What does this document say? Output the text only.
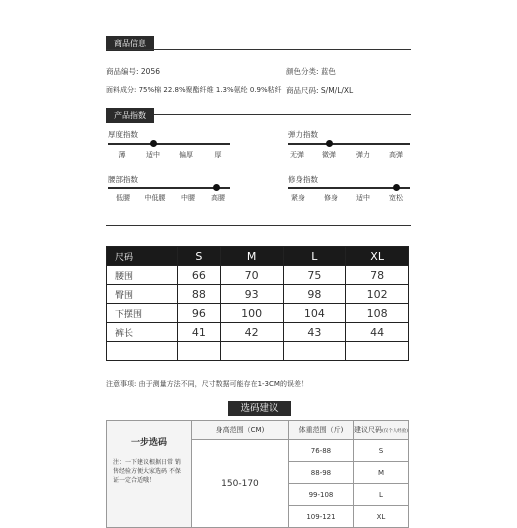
商品信息
商品编号: 2056	颜色分类: 蓝色
面料成分: 75%棉 22.8%聚酯纤维 1.3%氨纶 0.9%粘纤 商品尺码: S/M/L/XL
产品指数
厚度指数
薄	适中	偏厚	厚
弹力指数
无弹	微弹	弹力	高弹
腰部指数
低腰 中低腰 中腰 高腰
修身指数
紧身	修身	适中	宽松
尺码	S	M	L	XL
腰围	66	70	75	78
臀围	88	93	98	102
下摆围	96	100	104	108
裤长	41	42	43	44

注意事项: 由于测量方法不同，尺寸数据可能存在1-3CM的误差！
选码建议
一步选码
注：一下建议根据日常 销售经验方便大家选码 不保证一定合适哦！	身高范围（CM)	体重范围（斤)	建议尺码(仅个人经验)
	150-170	76-88	S
		88-98	M
		99-108	L
		109-121	XL
